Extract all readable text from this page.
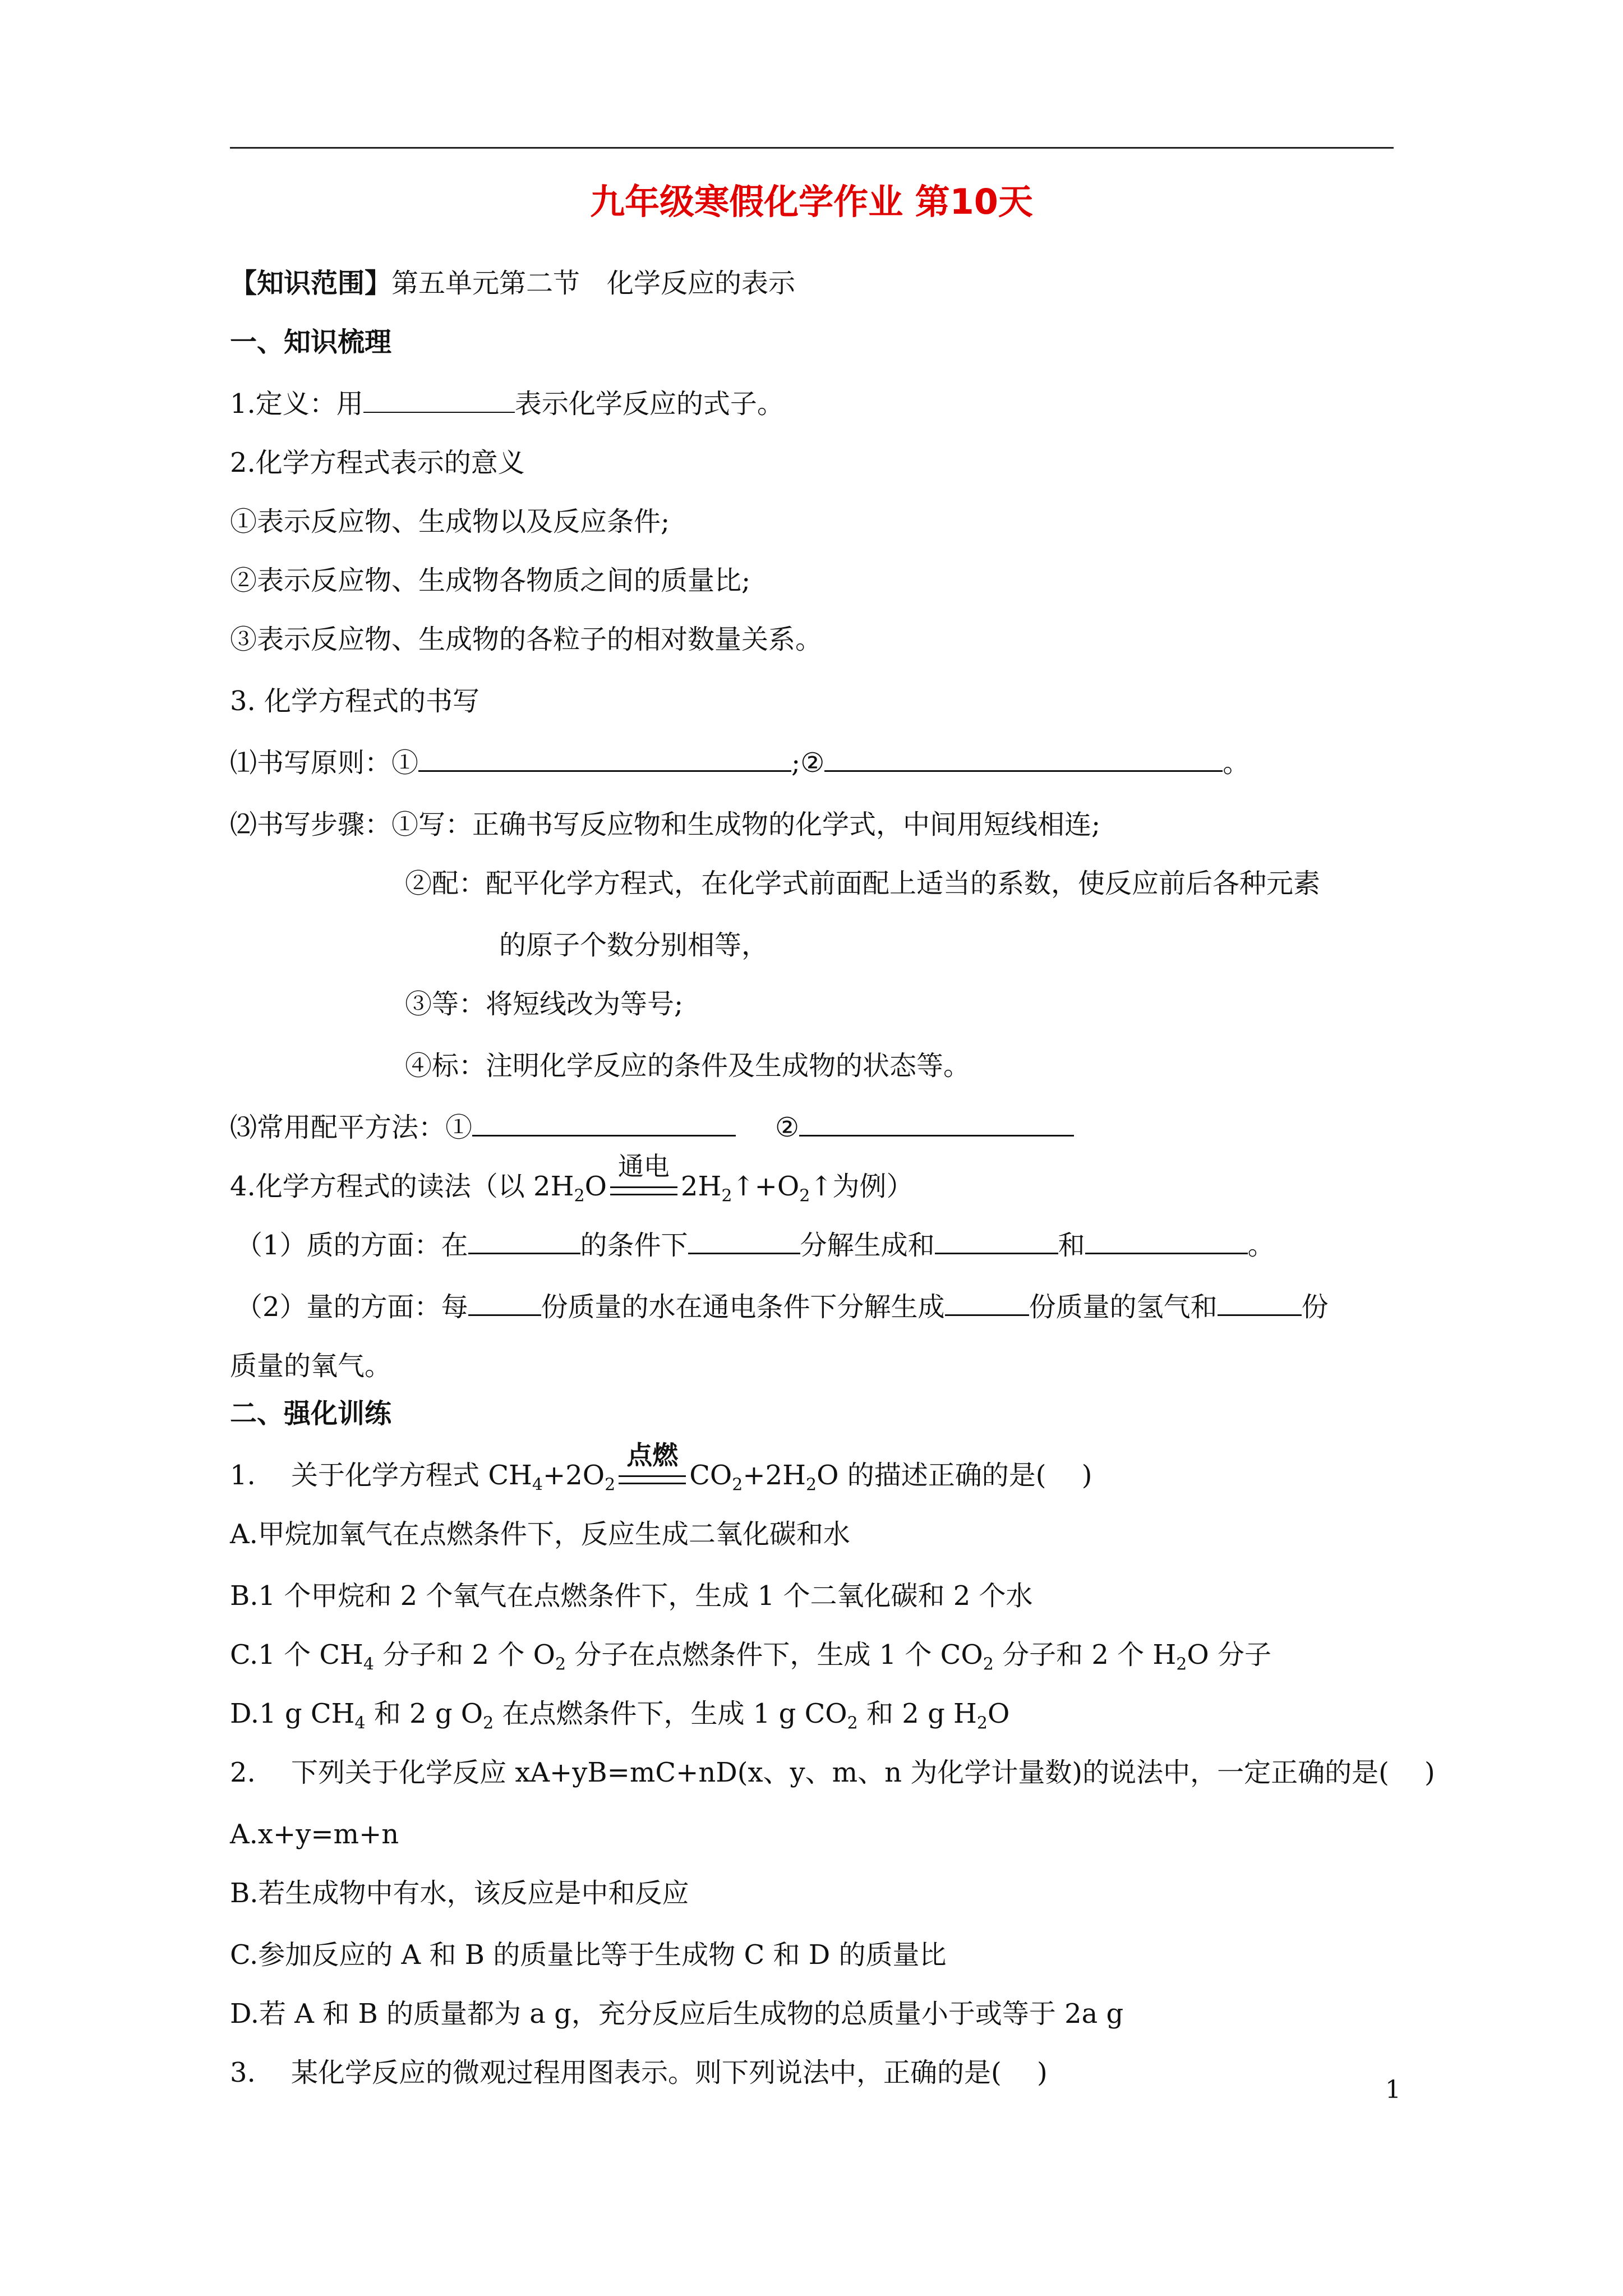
九年级寒假化学作业 第10天
【知识范围】第五单元第二节　化学反应的表示
一、知识梳理
1.定义：用	表示化学反应的式子。
2.化学方程式表示的意义
①表示反应物、生成物以及反应条件;
②表示反应物、生成物各物质之间的质量比;
③表示反应物、生成物的各粒子的相对数量关系。
3. 化学方程式的书写
⑴书写原则：①	;②	。
⑵书写步骤：①写：正确书写反应物和生成物的化学式，中间用短线相连;
②配：配平化学方程式，在化学式前面配上适当的系数，使反应前后各种元素
的原子个数分别相等，
③等：将短线改为等号;
④标：注明化学反应的条件及生成物的状态等。
⑶常用配平方法：①	②
4.化学方程式的读法（以 $2H_2O$
通电
$2H_2↑+O_2↑$为例）
（1）质的方面：在	的条件下	分解生成和	和	。
（2）量的方面：每	份质量的水在通电条件下分解生成	份质量的氢气和	份
质量的氧气。
二、强化训练
1.　 关于化学方程式 $CH_4+2O_2$
点燃
$CO_2+2H_2O$ 的描述正确的是(　 )
A.甲烷加氧气在点燃条件下，反应生成二氧化碳和水
B.1 个甲烷和 2 个氧气在点燃条件下，生成 1 个二氧化碳和 2 个水
C.1 个 $CH_4$ 分子和 2 个 $O_2$ 分子在点燃条件下，生成 1 个 $CO_2$ 分子和 2 个 $H_2O$ 分子
D.1 g $CH_4$ 和 2 g $O_2$ 在点燃条件下，生成 1 g $CO_2$ 和 2 g $H_2O$
2.　 下列关于化学反应 xA+yB=mC+nD(x、y、m、n 为化学计量数)的说法中，一定正确的是(　 )
A.x+y=m+n
B.若生成物中有水，该反应是中和反应
C.参加反应的 A 和 B 的质量比等于生成物 C 和 D 的质量比
D.若 A 和 B 的质量都为 a g，充分反应后生成物的总质量小于或等于 2a g
3.　 某化学反应的微观过程用图表示。则下列说法中，正确的是(　 )
1
